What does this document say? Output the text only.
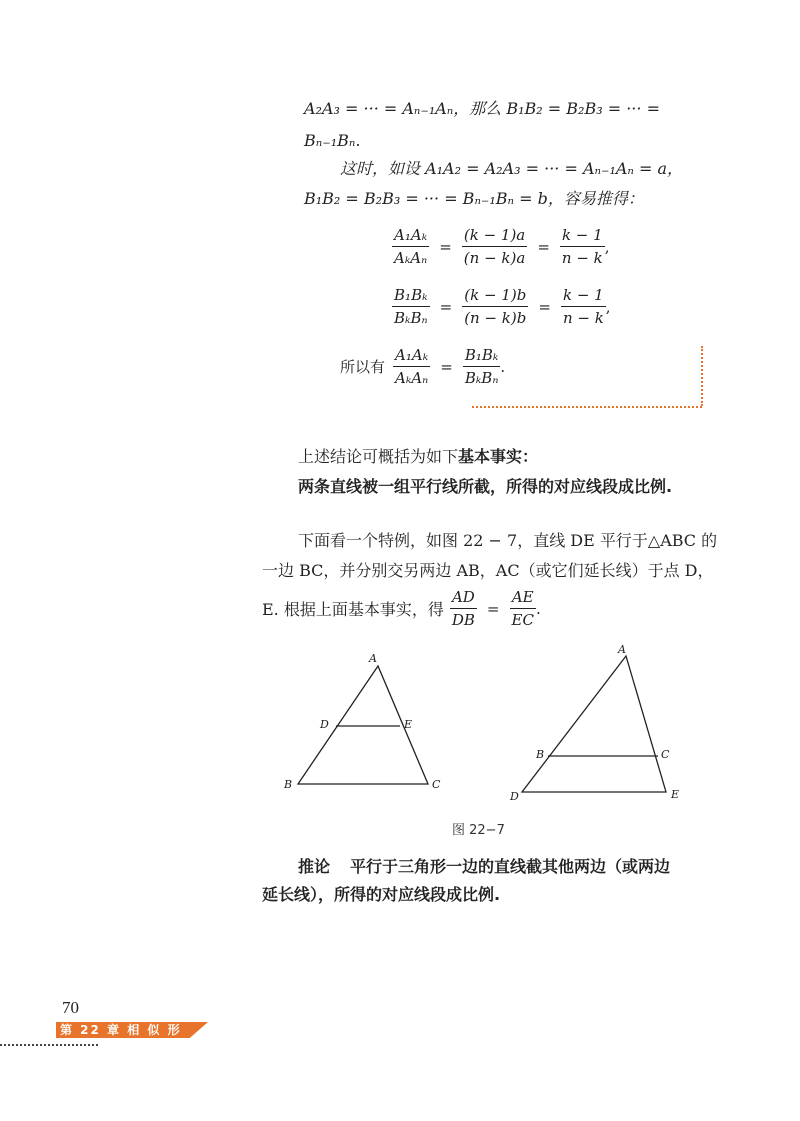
A₂A₃ = ··· = Aₙ₋₁Aₙ，那么 B₁B₂ = B₂B₃ = ··· =
Bₙ₋₁Bₙ.
这时，如设 A₁A₂ = A₂A₃ = ··· = Aₙ₋₁Aₙ = a，
B₁B₂ = B₂B₃ = ··· = Bₙ₋₁Bₙ = b，容易推得：
$\frac{\text{A₁Aₖ}}{\text{AₖAₙ}} = \frac{(k - 1)a}{(n - k)a} = \frac{k - 1}{n - k}$ ,
$\frac{\text{B₁Bₖ}}{\text{BₖBₙ}} = \frac{(k - 1)b}{(n - k)b} = \frac{k - 1}{n - k}$ ,
所以有 $\frac{\text{A₁Aₖ}}{\text{AₖAₙ}} = \frac{\text{B₁Bₖ}}{\text{BₖBₙ}}$ .
上述结论可概括为如下基本事实：
两条直线被一组平行线所截，所得的对应线段成比例.
下面看一个特例，如图 22 − 7，直线 DE 平行于△ABC 的
一边 BC，并分别交另两边 AB，AC（或它们延长线）于点 D，
E. 根据上面基本事实，得 $\frac{AD}{DB} = \frac{AE}{EC}$ .
A
D	E
B	C
A
B	C
D	E
图 22−7
推论 平行于三角形一边的直线截其他两边（或两边
延长线），所得的对应线段成比例.
70
第 22 章 相 似 形
